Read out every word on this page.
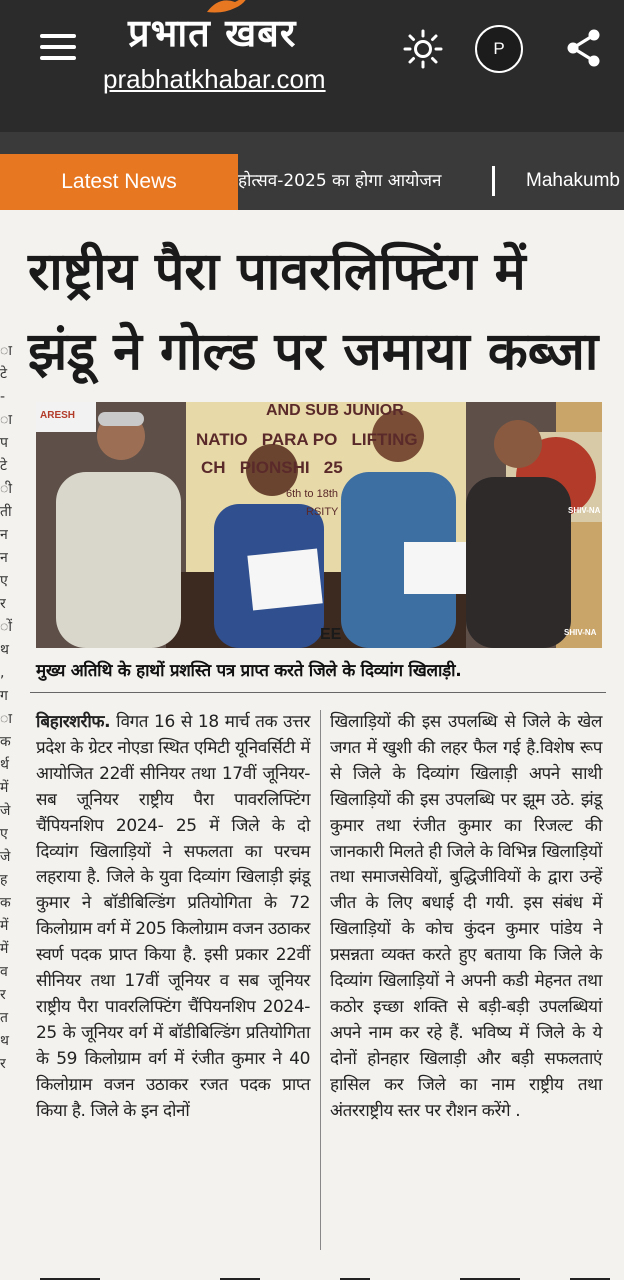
प्रभात खबर
prabhatkhabar.com
P
Latest News	होत्सव-2025 का होगा आयोजन	Mahakumb
राष्ट्रीय पैरा पावरलिफ्टिंग में
झंडू ने गोल्ड पर जमाया कब्जा
ा
टे
-
ा
प
टे
ी
ती
न
न
ए
र
ों
थ
,
ग
ा
क
र्थ
में
जे
ए
जे
ह
क
में
में
व
र
त
थ
र
AND SUB JUNIOR
NATIO   PARA PO   LIFTING
CH   PIONSHI   25
6th to 18th
RSITY
ARESH
SHIV-NA
SHIV-NA
EE
मुख्य अतिथि के हाथों प्रशस्ति पत्र प्राप्त करते जिले के दिव्यांग खिलाड़ी.
बिहारशरीफ. विगत 16 से 18 मार्च तक उत्तर प्रदेश के ग्रेटर नोएडा स्थित एमिटी यूनिवर्सिटी में आयोजित 22वीं सीनियर तथा 17वीं जूनियर- सब जूनियर राष्ट्रीय पैरा पावरलिफ्टिंग चैंपियनशिप 2024- 25 में जिले के दो दिव्यांग खिलाड़ियों ने सफलता का परचम लहराया है. जिले के युवा दिव्यांग खिलाड़ी झंडू कुमार ने बॉडीबिल्डिंग प्रतियोगिता के 72 किलोग्राम वर्ग में 205 किलोग्राम वजन उठाकर स्वर्ण पदक प्राप्त किया है. इसी प्रकार 22वीं सीनियर तथा 17वीं जूनियर व सब जूनियर राष्ट्रीय पैरा पावरलिफ्टिंग चैंपियनशिप 2024-25 के जूनियर वर्ग में बॉडीबिल्डिंग प्रतियोगिता के 59 किलोग्राम वर्ग में रंजीत कुमार ने 40 किलोग्राम वजन उठाकर रजत पदक प्राप्त किया है. जिले के इन दोनों
खिलाड़ियों की इस उपलब्धि से जिले के खेल जगत में खुशी की लहर फैल गई है.विशेष रूप से जिले के दिव्यांग खिलाड़ी अपने साथी खिलाड़ियों की इस उपलब्धि पर झूम उठे. झंडू कुमार तथा रंजीत कुमार का रिजल्ट की जानकारी मिलते ही जिले के विभिन्न खिलाड़ियों तथा समाजसेवियों, बुद्धिजीवियों के द्वारा उन्हें जीत के लिए बधाई दी गयी. इस संबंध में खिलाड़ियों के कोच कुंदन कुमार पांडेय ने प्रसन्नता व्यक्त करते हुए बताया कि जिले के दिव्यांग खिलाड़ियों ने अपनी कडी मेहनत तथा कठोर इच्छा शक्ति से बड़ी-बड़ी उपलब्धियां अपने नाम कर रहे हैं. भविष्य में जिले के ये दोनों होनहार खिलाड़ी और बड़ी सफलताएं हासिल कर जिले का नाम राष्ट्रीय तथा अंतरराष्ट्रीय स्तर पर रौशन करेंगे .
